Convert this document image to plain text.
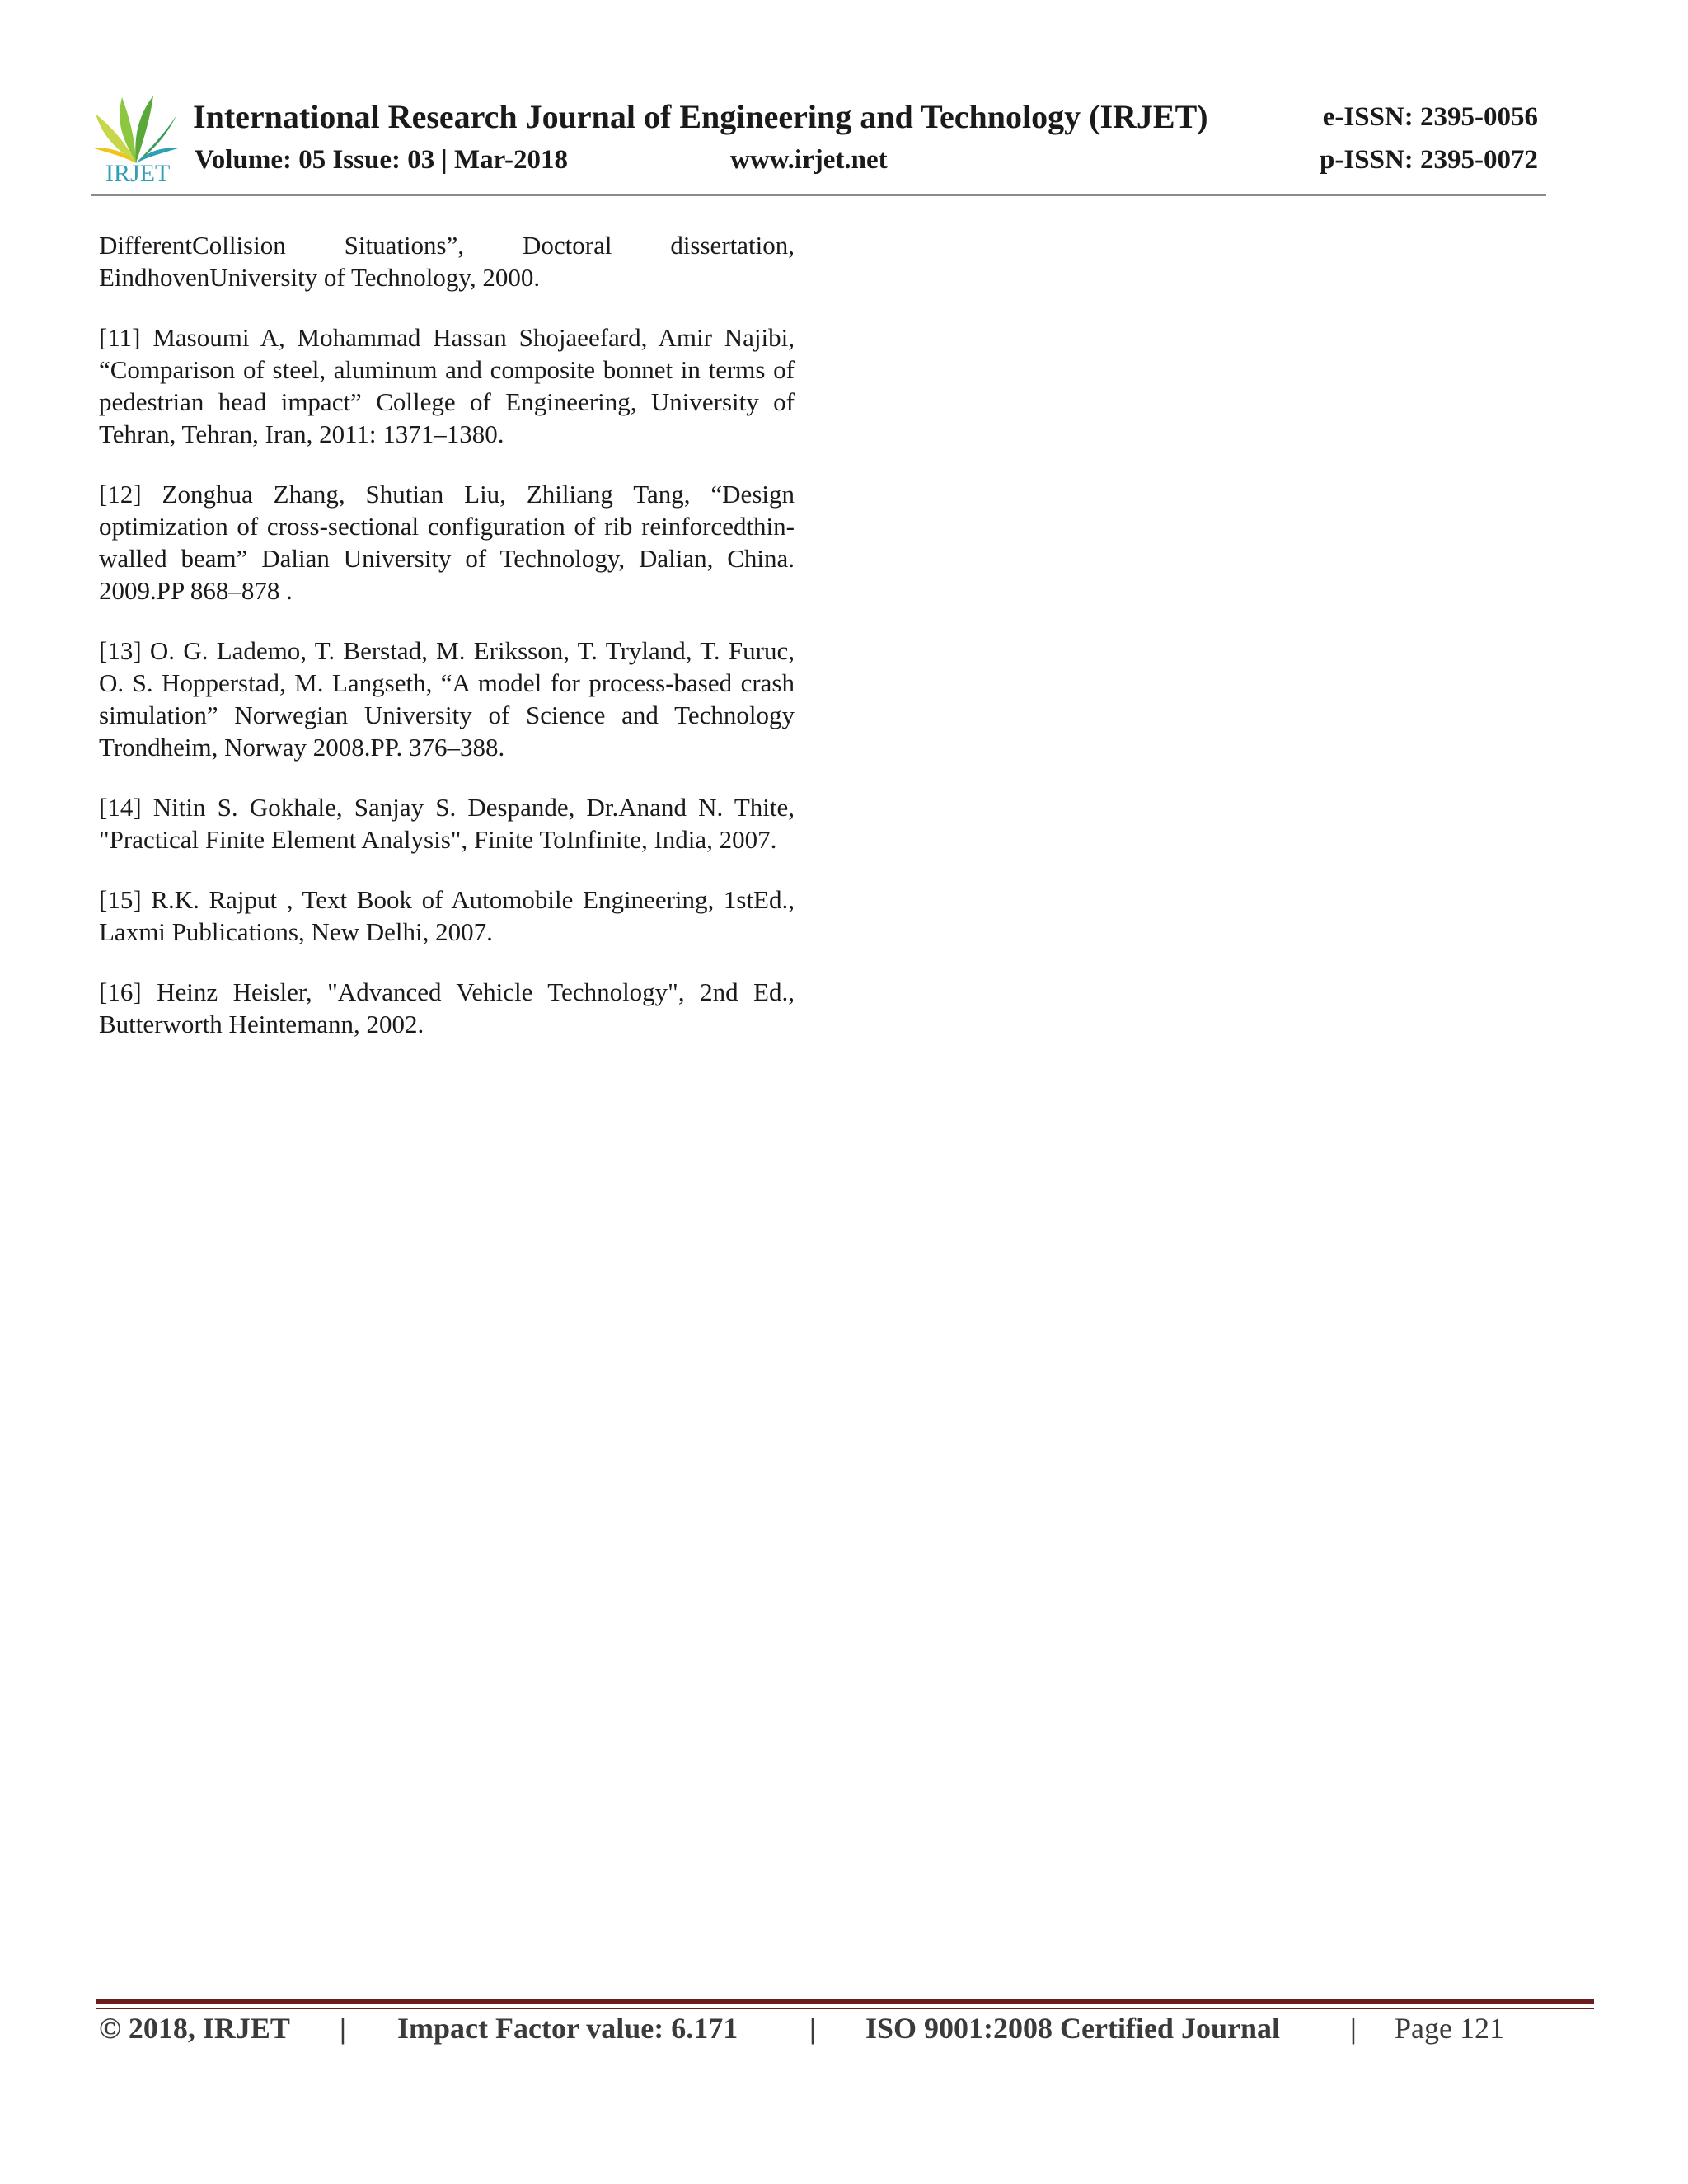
IRJET
International Research Journal of Engineering and Technology (IRJET)	e-ISSN: 2395-0056
Volume: 05 Issue: 03 | Mar-2018	www.irjet.net	p-ISSN: 2395-0072

DifferentCollision Situations”, Doctoral dissertation, EindhovenUniversity of Technology, 2000.

[11] Masoumi A, Mohammad Hassan Shojaeefard, Amir Najibi, “Comparison of steel, aluminum and composite bonnet in terms of pedestrian head impact” College of Engineering, University of Tehran, Tehran, Iran, 2011: 1371–1380.

[12] Zonghua Zhang, Shutian Liu, Zhiliang Tang, “Design optimization of cross-sectional configuration of rib reinforcedthin-walled beam” Dalian University of Technology, Dalian, China. 2009.PP 868–878 .

[13] O. G. Lademo, T. Berstad, M. Eriksson, T. Tryland, T. Furuc, O. S. Hopperstad, M. Langseth, “A model for process-based crash simulation” Norwegian University of Science and Technology Trondheim, Norway 2008.PP. 376–388.

[14] Nitin S. Gokhale, Sanjay S. Despande, Dr.Anand N. Thite, "Practical Finite Element Analysis", Finite ToInfinite, India, 2007.

[15] R.K. Rajput , Text Book of Automobile Engineering, 1stEd., Laxmi Publications, New Delhi, 2007.

[16] Heinz Heisler, "Advanced Vehicle Technology", 2nd Ed., Butterworth Heintemann, 2002.

© 2018, IRJET | Impact Factor value: 6.171 | ISO 9001:2008 Certified Journal | Page 121
